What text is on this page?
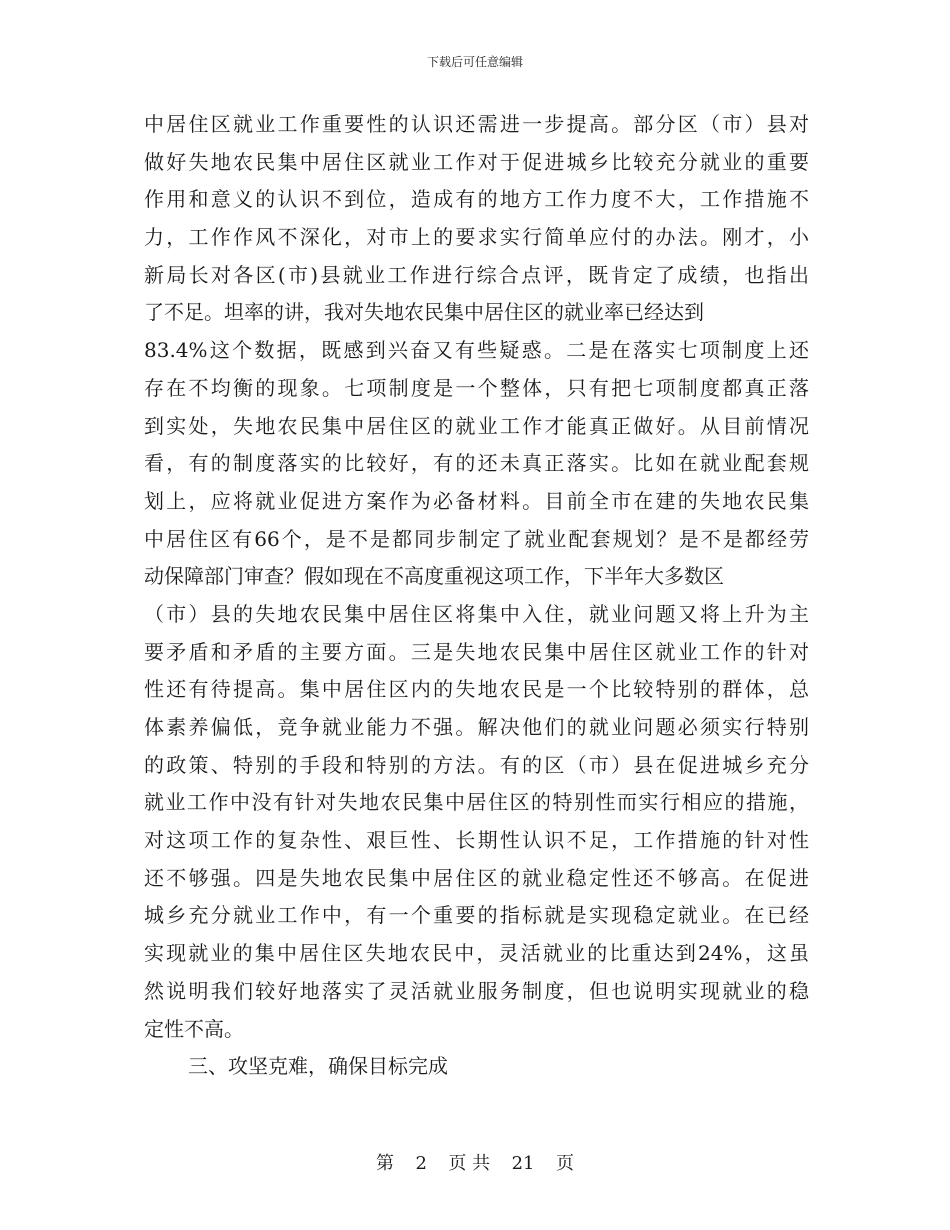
下载后可任意编辑
中居住区就业工作重要性的认识还需进一步提高。部分区（市）县对
做好失地农民集中居住区就业工作对于促进城乡比较充分就业的重要
作用和意义的认识不到位，造成有的地方工作力度不大，工作措施不
力，工作作风不深化，对市上的要求实行简单应付的办法。刚才，小
新局长对各区(市)县就业工作进行综合点评，既肯定了成绩，也指出
了不足。坦率的讲，我对失地农民集中居住区的就业率已经达到
83.4%这个数据，既感到兴奋又有些疑惑。二是在落实七项制度上还
存在不均衡的现象。七项制度是一个整体，只有把七项制度都真正落
到实处，失地农民集中居住区的就业工作才能真正做好。从目前情况
看，有的制度落实的比较好，有的还未真正落实。比如在就业配套规
划上，应将就业促进方案作为必备材料。目前全市在建的失地农民集
中居住区有66个，是不是都同步制定了就业配套规划？是不是都经劳
动保障部门审查？假如现在不高度重视这项工作，下半年大多数区
（市）县的失地农民集中居住区将集中入住，就业问题又将上升为主
要矛盾和矛盾的主要方面。三是失地农民集中居住区就业工作的针对
性还有待提高。集中居住区内的失地农民是一个比较特别的群体，总
体素养偏低，竞争就业能力不强。解决他们的就业问题必须实行特别
的政策、特别的手段和特别的方法。有的区（市）县在促进城乡充分
就业工作中没有针对失地农民集中居住区的特别性而实行相应的措施，
对这项工作的复杂性、艰巨性、长期性认识不足，工作措施的针对性
还不够强。四是失地农民集中居住区的就业稳定性还不够高。在促进
城乡充分就业工作中，有一个重要的指标就是实现稳定就业。在已经
实现就业的集中居住区失地农民中，灵活就业的比重达到24%，这虽
然说明我们较好地落实了灵活就业服务制度，但也说明实现就业的稳
定性不高。
三、攻坚克难，确保目标完成
第 2 页 共 21 页
